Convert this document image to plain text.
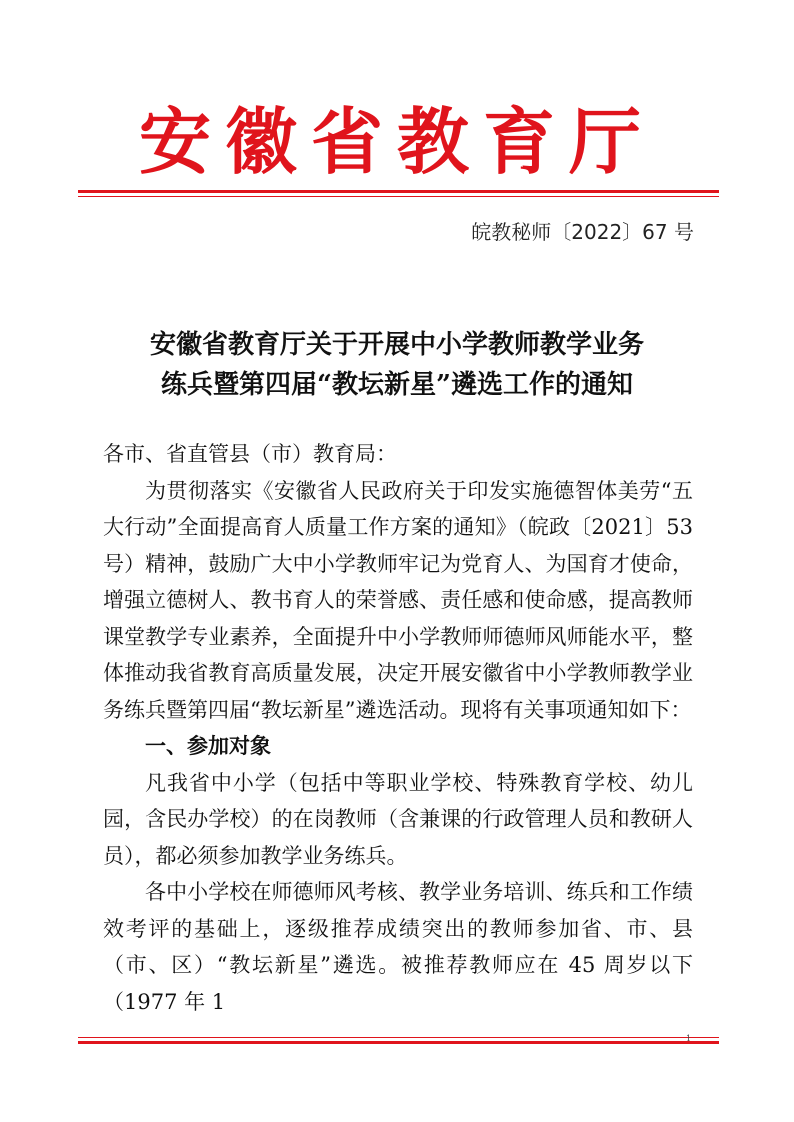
安徽省教育厅
皖教秘师〔2022〕67 号
安徽省教育厅关于开展中小学教师教学业务
练兵暨第四届“教坛新星”遴选工作的通知

各市、省直管县（市）教育局：

为贯彻落实《安徽省人民政府关于印发实施德智体美劳“五大行动”全面提高育人质量工作方案的通知》（皖政〔2021〕53 号）精神，鼓励广大中小学教师牢记为党育人、为国育才使命，增强立德树人、教书育人的荣誉感、责任感和使命感，提高教师课堂教学专业素养，全面提升中小学教师师德师风师能水平，整体推动我省教育高质量发展，决定开展安徽省中小学教师教学业务练兵暨第四届“教坛新星”遴选活动。现将有关事项通知如下：

一、参加对象

凡我省中小学（包括中等职业学校、特殊教育学校、幼儿园，含民办学校）的在岗教师（含兼课的行政管理人员和教研人员），都必须参加教学业务练兵。

各中小学校在师德师风考核、教学业务培训、练兵和工作绩效考评的基础上，逐级推荐成绩突出的教师参加省、市、县（市、区）“教坛新星”遴选。被推荐教师应在 45 周岁以下（1977 年 1

1
